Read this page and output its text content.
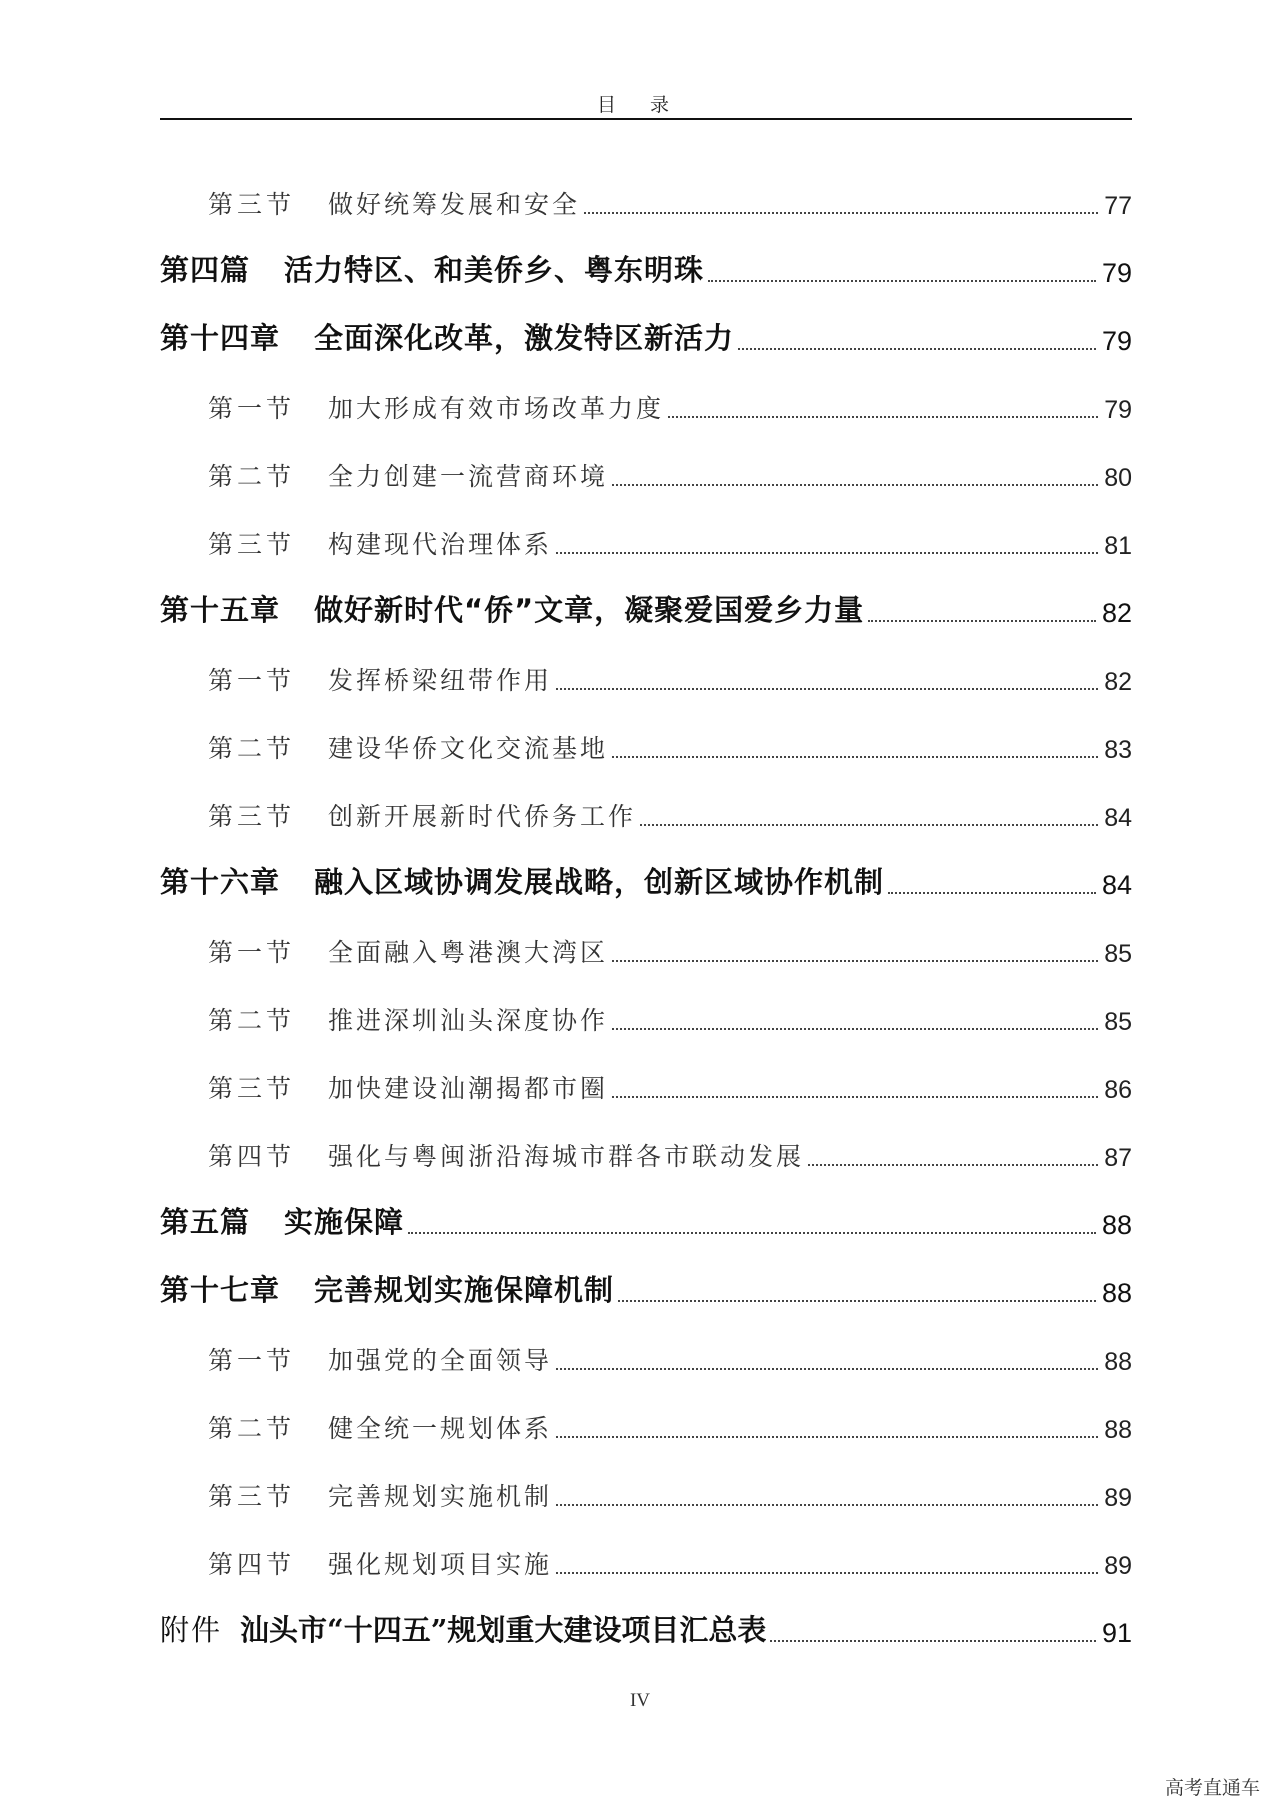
目 录
第三节	做好统筹发展和安全	77
第四篇 活力特区、和美侨乡、粤东明珠	79
第十四章 全面深化改革，激发特区新活力	79
第一节	加大形成有效市场改革力度	79
第二节	全力创建一流营商环境	80
第三节	构建现代治理体系	81
第十五章 做好新时代“侨”文章，凝聚爱国爱乡力量	82
第一节	发挥桥梁纽带作用	82
第二节	建设华侨文化交流基地	83
第三节	创新开展新时代侨务工作	84
第十六章 融入区域协调发展战略，创新区域协作机制	84
第一节	全面融入粤港澳大湾区	85
第二节	推进深圳汕头深度协作	85
第三节	加快建设汕潮揭都市圈	86
第四节	强化与粤闽浙沿海城市群各市联动发展	87
第五篇 实施保障	88
第十七章 完善规划实施保障机制	88
第一节	加强党的全面领导	88
第二节	健全统一规划体系	88
第三节	完善规划实施机制	89
第四节	强化规划项目实施	89
附件 汕头市“十四五”规划重大建设项目汇总表	91
IV
高考直通车
